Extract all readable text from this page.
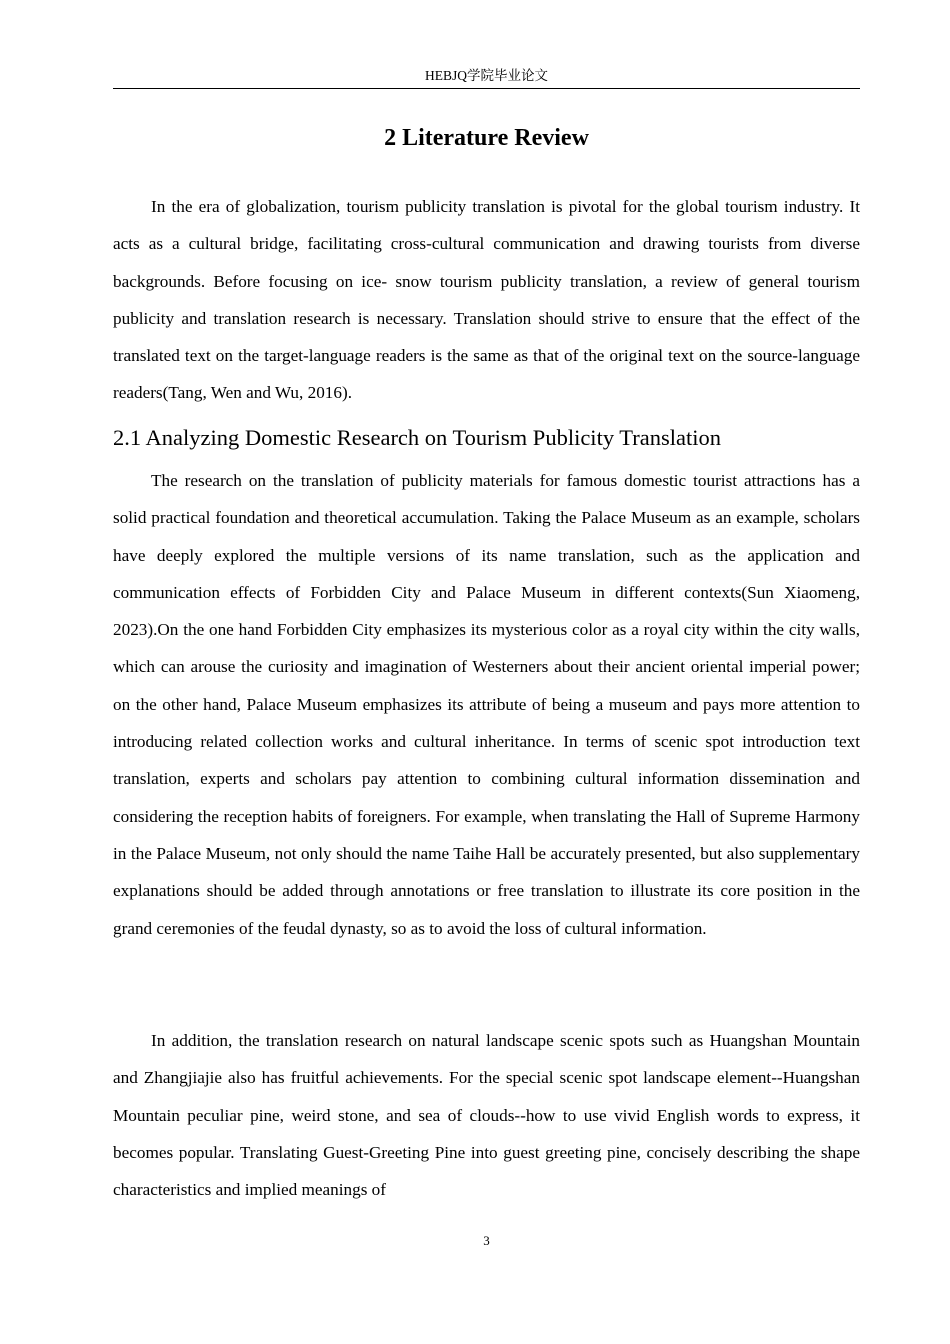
HEBJQ学院毕业论文
2 Literature Review

In the era of globalization, tourism publicity translation is pivotal for the global tourism industry. It acts as a cultural bridge, facilitating cross-cultural communication and drawing tourists from diverse backgrounds. Before focusing on ice- snow tourism publicity translation, a review of general tourism publicity and translation research is necessary. Translation should strive to ensure that the effect of the translated text on the target-language readers is the same as that of the original text on the source-language readers(Tang, Wen and Wu, 2016).

2.1 Analyzing Domestic Research on Tourism Publicity Translation

The research on the translation of publicity materials for famous domestic tourist attractions has a solid practical foundation and theoretical accumulation. Taking the Palace Museum as an example, scholars have deeply explored the multiple versions of its name translation, such as the application and communication effects of Forbidden City and Palace Museum in different contexts(Sun Xiaomeng, 2023).On the one hand Forbidden City emphasizes its mysterious color as a royal city within the city walls, which can arouse the curiosity and imagination of Westerners about their ancient oriental imperial power; on the other hand, Palace Museum emphasizes its attribute of being a museum and pays more attention to introducing related collection works and cultural inheritance. In terms of scenic spot introduction text translation, experts and scholars pay attention to combining cultural information dissemination and considering the reception habits of foreigners. For example, when translating the Hall of Supreme Harmony in the Palace Museum, not only should the name Taihe Hall be accurately presented, but also supplementary explanations should be added through annotations or free translation to illustrate its core position in the grand ceremonies of the feudal dynasty, so as to avoid the loss of cultural information.

In addition, the translation research on natural landscape scenic spots such as Huangshan Mountain and Zhangjiajie also has fruitful achievements. For the special scenic spot landscape element--Huangshan Mountain peculiar pine, weird stone, and sea of clouds--how to use vivid English words to express, it becomes popular. Translating Guest-Greeting Pine into guest greeting pine, concisely describing the shape characteristics and implied meanings of

3
